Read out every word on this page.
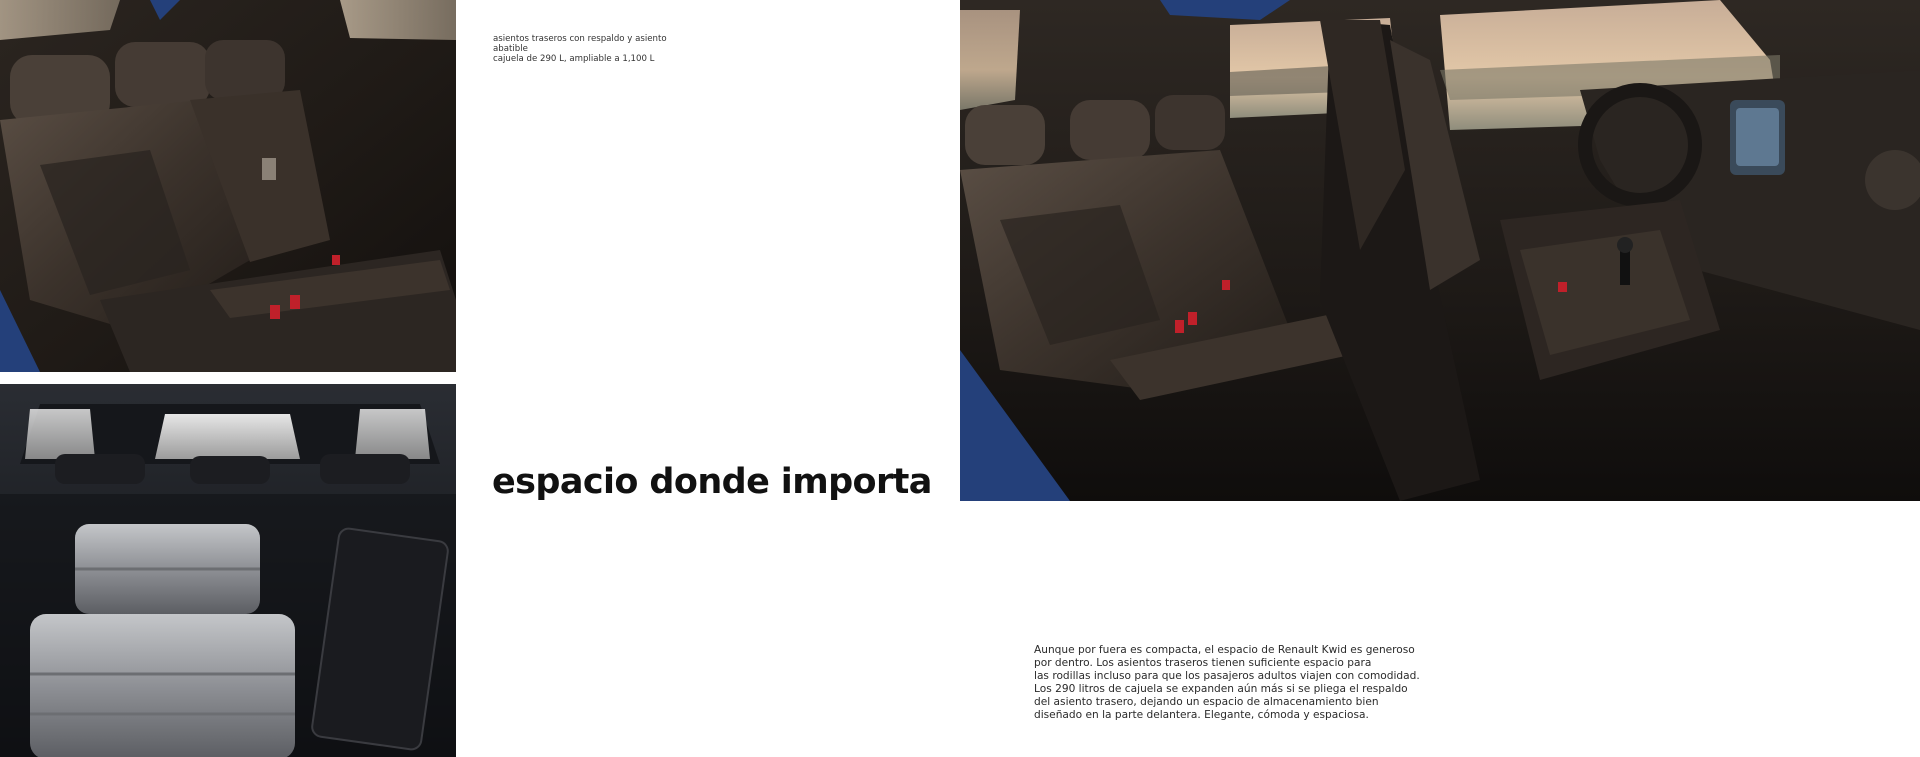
asientos traseros con respaldo y asiento
abatible
cajuela de 290 L, ampliable a 1,100 L
espacio donde importa
Aunque por fuera es compacta, el espacio de Renault Kwid es generoso
por dentro. Los asientos traseros tienen suficiente espacio para
las rodillas incluso para que los pasajeros adultos viajen con comodidad.
Los 290 litros de cajuela se expanden aún más si se pliega el respaldo
del asiento trasero, dejando un espacio de almacenamiento bien
diseñado en la parte delantera. Elegante, cómoda y espaciosa.
